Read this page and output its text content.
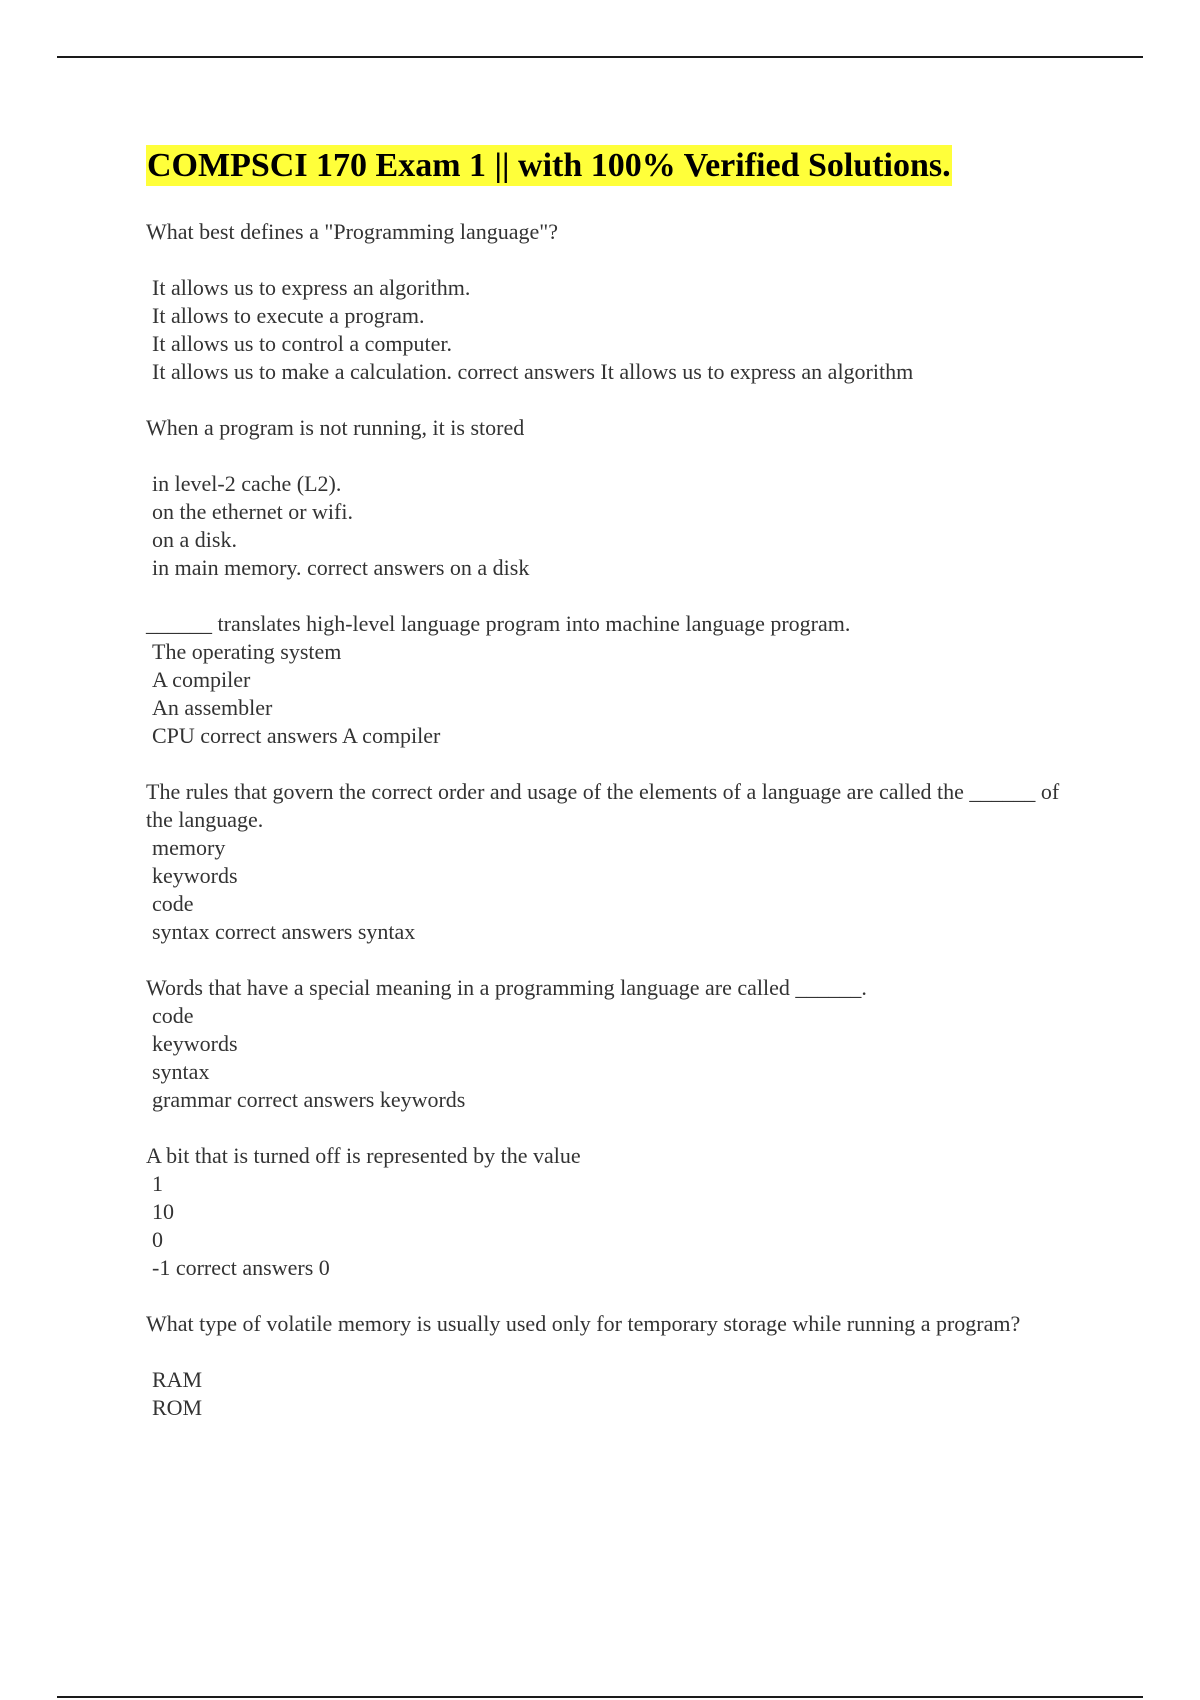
COMPSCI 170 Exam 1 || with 100% Verified Solutions.

What best defines a "Programming language"?

It allows us to express an algorithm.
It allows to execute a program.
It allows us to control a computer.
It allows us to make a calculation. correct answers It allows us to express an algorithm

When a program is not running, it is stored

in level-2 cache (L2).
on the ethernet or wifi.
on a disk.
in main memory. correct answers on a disk

______ translates high-level language program into machine language program.

The operating system
A compiler
An assembler
CPU correct answers A compiler

The rules that govern the correct order and usage of the elements of a language are called the ______ of the language.

memory
keywords
code
syntax correct answers syntax

Words that have a special meaning in a programming language are called ______.

code
keywords
syntax
grammar correct answers keywords

A bit that is turned off is represented by the value

1
10
0
-1 correct answers 0

What type of volatile memory is usually used only for temporary storage while running a program?

RAM
ROM
